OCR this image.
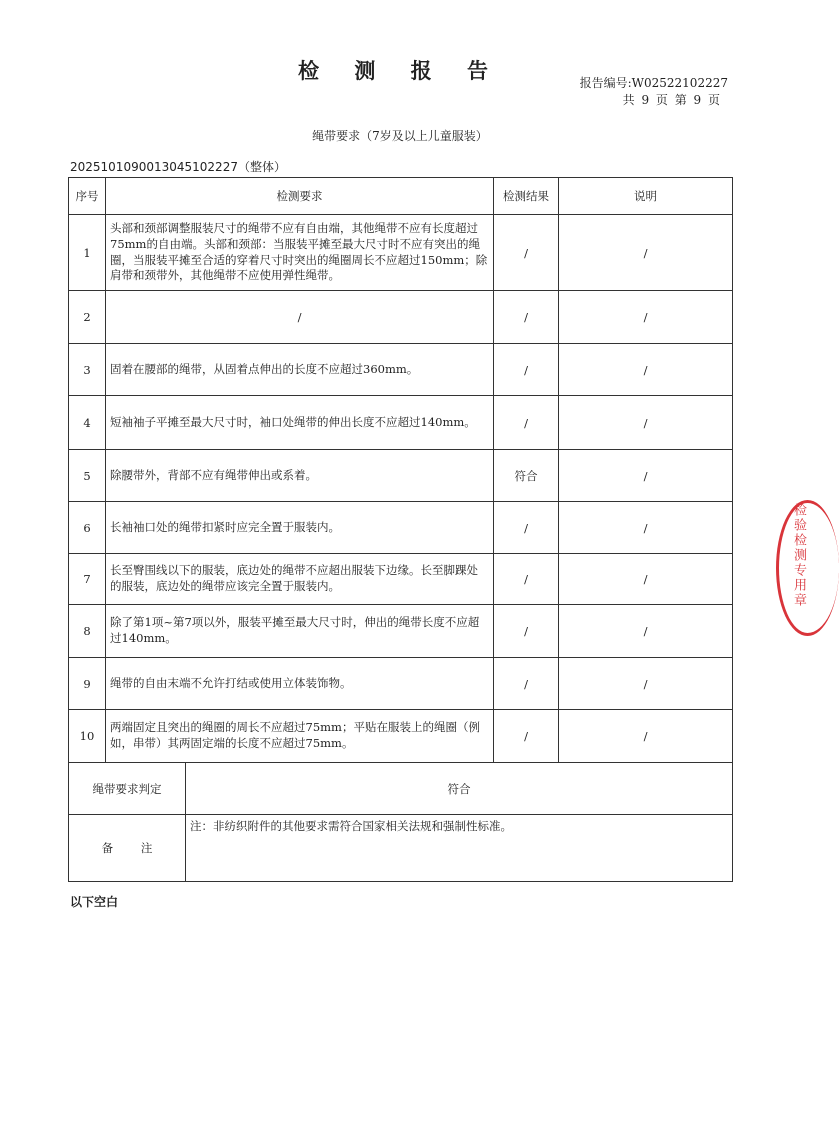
检 测 报 告	报告编号:W02522102227
共 9 页 第 9 页
绳带要求（7岁及以上儿童服装）
2025101090013045102227（整体）
序号	检测要求		检测结果	说明
1	头部和颈部调整服装尺寸的绳带不应有自由端，其他绳带不应有长度超过75mm的自由端。头部和颈部：当服装平摊至最大尺寸时不应有突出的绳圈，当服装平摊至合适的穿着尺寸时突出的绳圈周长不应超过150mm；除肩带和颈带外，其他绳带不应使用弹性绳带。		/	/
2	/		/	/
3	固着在腰部的绳带，从固着点伸出的长度不应超过360mm。		/	/
4	短袖袖子平摊至最大尺寸时，袖口处绳带的伸出长度不应超过140mm。		/	/
5	除腰带外，背部不应有绳带伸出或系着。		符合	/
6	长袖袖口处的绳带扣紧时应完全置于服装内。		/	/
7	长至臀围线以下的服装，底边处的绳带不应超出服装下边缘。长至脚踝处的服装，底边处的绳带应该完全置于服装内。		/	/
8	除了第1项~第7项以外，服装平摊至最大尺寸时，伸出的绳带长度不应超过140mm。		/	/
9	绳带的自由末端不允许打结或使用立体装饰物。		/	/
10	两端固定且突出的绳圈的周长不应超过75mm；平贴在服装上的绳圈（例如，串带）其两固定端的长度不应超过75mm。		/	/
绳带要求判定		符合		
备 注		注：非纺织附件的其他要求需符合国家相关法规和强制性标准。		
以下空白
检验检测专用章
